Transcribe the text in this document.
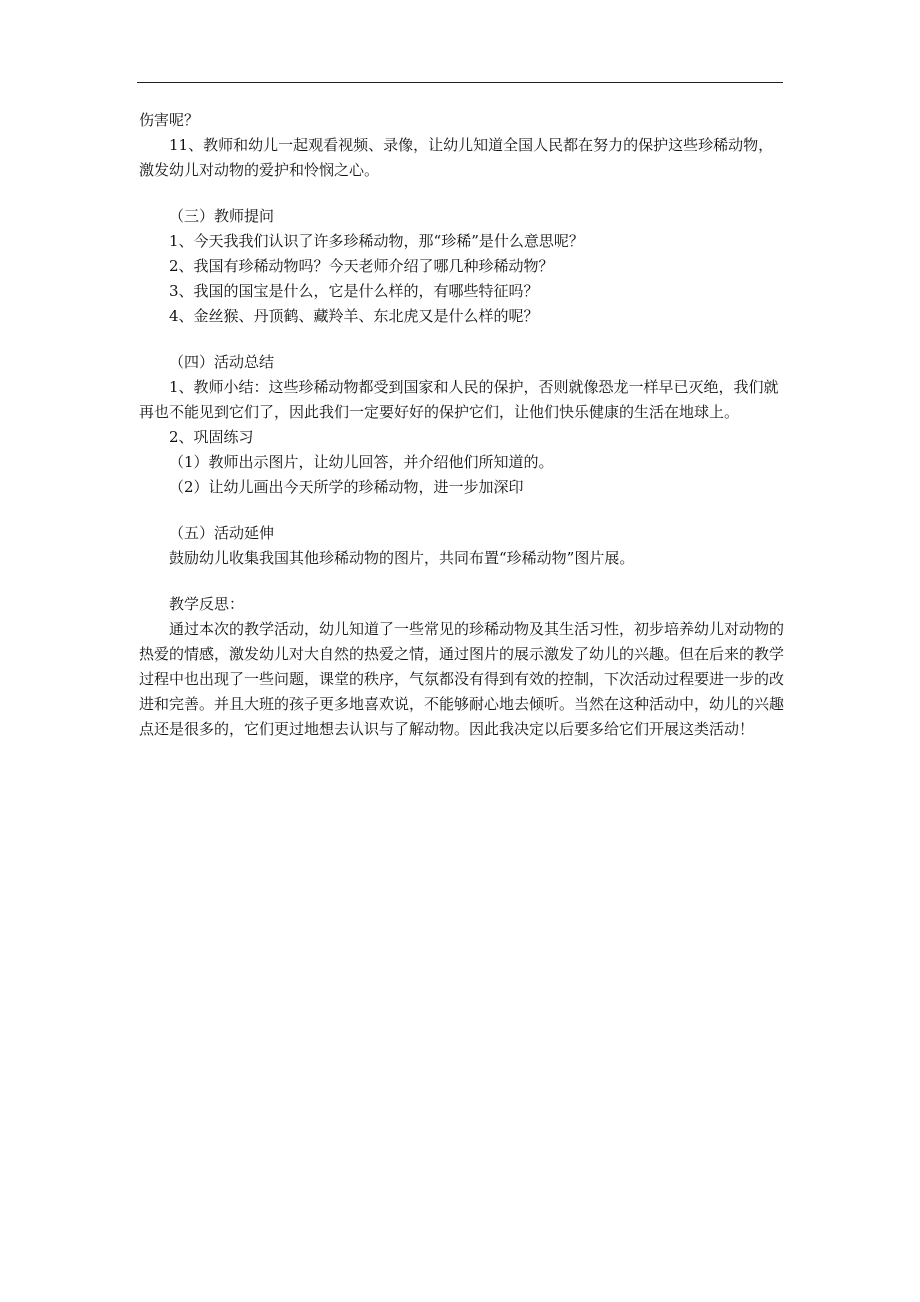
伤害呢？

11、教师和幼儿一起观看视频、录像，让幼儿知道全国人民都在努力的保护这些珍稀动物，激发幼儿对动物的爱护和怜悯之心。

（三）教师提问

1、今天我我们认识了许多珍稀动物，那“珍稀”是什么意思呢？

2、我国有珍稀动物吗？今天老师介绍了哪几种珍稀动物？

3、我国的国宝是什么，它是什么样的，有哪些特征吗？

4、金丝猴、丹顶鹤、藏羚羊、东北虎又是什么样的呢？

（四）活动总结

1、教师小结：这些珍稀动物都受到国家和人民的保护，否则就像恐龙一样早已灭绝，我们就再也不能见到它们了，因此我们一定要好好的保护它们，让他们快乐健康的生活在地球上。

2、巩固练习

（1）教师出示图片，让幼儿回答，并介绍他们所知道的。

（2）让幼儿画出今天所学的珍稀动物，进一步加深印

（五）活动延伸

鼓励幼儿收集我国其他珍稀动物的图片，共同布置“珍稀动物”图片展。

教学反思：

通过本次的教学活动，幼儿知道了一些常见的珍稀动物及其生活习性，初步培养幼儿对动物的热爱的情感，激发幼儿对大自然的热爱之情，通过图片的展示激发了幼儿的兴趣。但在后来的教学过程中也出现了一些问题，课堂的秩序，气氛都没有得到有效的控制，下次活动过程要进一步的改进和完善。并且大班的孩子更多地喜欢说，不能够耐心地去倾听。当然在这种活动中，幼儿的兴趣点还是很多的，它们更过地想去认识与了解动物。因此我决定以后要多给它们开展这类活动！
